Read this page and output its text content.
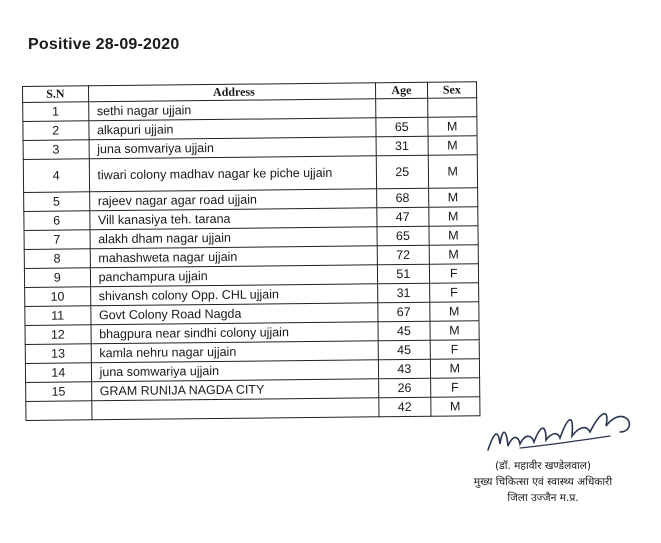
Positive 28-09-2020
S.N	Address	Age	Sex
1	sethi nagar ujjain		
2	alkapuri ujjain	65	M
3	juna somvariya ujjain	31	M
4	tiwari colony madhav nagar ke piche ujjain	25	M
5	rajeev nagar agar road ujjain	68	M
6	Vill kanasiya teh. tarana	47	M
7	alakh dham nagar ujjain	65	M
8	mahashweta nagar ujjain	72	M
9	panchampura ujjain	51	F
10	shivansh colony Opp. CHL ujjain	31	F
11	Govt Colony Road Nagda	67	M
12	bhagpura near sindhi colony ujjain	45	M
13	kamla nehru nagar ujjain	45	F
14	juna somwariya ujjain	43	M
15	GRAM RUNIJA NAGDA CITY	26	F
		42	M
(डॉ. महावीर खण्डेलवाल)
मुख्य चिकित्सा एवं स्वास्थ्य अधिकारी
जिला उज्जैन म.प्र.
